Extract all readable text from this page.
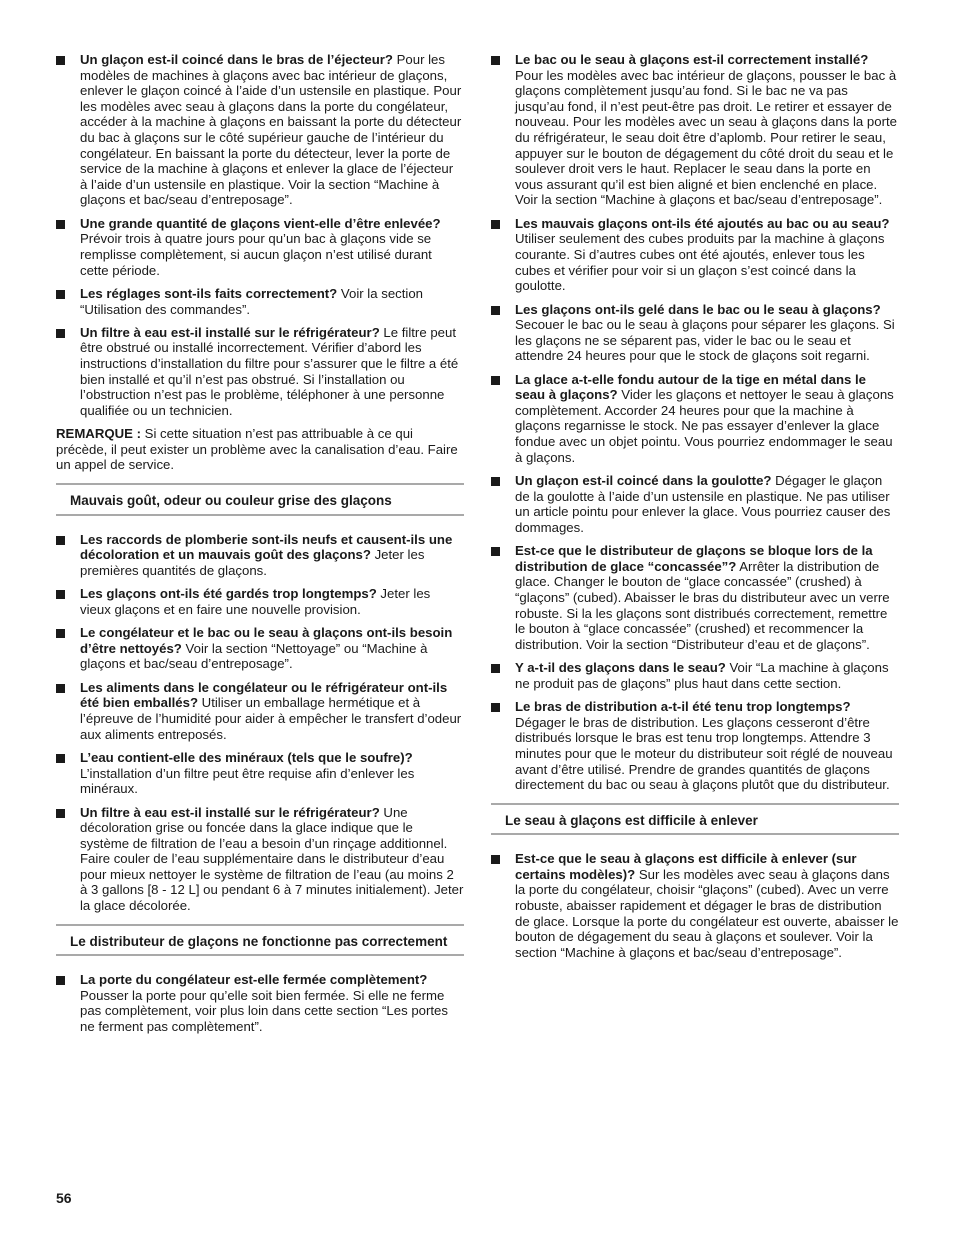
Un glaçon est-il coincé dans le bras de l’éjecteur? Pour les modèles de machines à glaçons avec bac intérieur de glaçons, enlever le glaçon coincé à l’aide d’un ustensile en plastique. Pour les modèles avec seau à glaçons dans la porte du congélateur, accéder à la machine à glaçons en baissant la porte du détecteur du bac à glaçons sur le côté supérieur gauche de l’intérieur du congélateur. En baissant la porte du détecteur, lever la porte de service de la machine à glaçons et enlever la glace de l’éjecteur à l’aide d’un ustensile en plastique. Voir la section “Machine à glaçons et bac/seau d’entreposage”.
Une grande quantité de glaçons vient-elle d’être enlevée? Prévoir trois à quatre jours pour qu’un bac à glaçons vide se remplisse complètement, si aucun glaçon n’est utilisé durant cette période.
Les réglages sont-ils faits correctement? Voir la section “Utilisation des commandes”.
Un filtre à eau est-il installé sur le réfrigérateur? Le filtre peut être obstrué ou installé incorrectement. Vérifier d’abord les instructions d’installation du filtre pour s’assurer que le filtre a été bien installé et qu’il n’est pas obstrué. Si l’installation ou l’obstruction n’est pas le problème, téléphoner à une personne qualifiée ou un technicien.

REMARQUE : Si cette situation n’est pas attribuable à ce qui précède, il peut exister un problème avec la canalisation d’eau. Faire un appel de service.

Mauvais goût, odeur ou couleur grise des glaçons
Les raccords de plomberie sont-ils neufs et causent-ils une décoloration et un mauvais goût des glaçons? Jeter les premières quantités de glaçons.
Les glaçons ont-ils été gardés trop longtemps? Jeter les vieux glaçons et en faire une nouvelle provision.
Le congélateur et le bac ou le seau à glaçons ont-ils besoin d’être nettoyés? Voir la section “Nettoyage” ou “Machine à glaçons et bac/seau d’entreposage”.
Les aliments dans le congélateur ou le réfrigérateur ont-ils été bien emballés? Utiliser un emballage hermétique et à l’épreuve de l’humidité pour aider à empêcher le transfert d’odeur aux aliments entreposés.
L’eau contient-elle des minéraux (tels que le soufre)? L’installation d’un filtre peut être requise afin d’enlever les minéraux.
Un filtre à eau est-il installé sur le réfrigérateur? Une décoloration grise ou foncée dans la glace indique que le système de filtration de l’eau a besoin d’un rinçage additionnel. Faire couler de l’eau supplémentaire dans le distributeur d’eau pour mieux nettoyer le système de filtration de l’eau (au moins 2 à 3 gallons [8 - 12 L] ou pendant 6 à 7 minutes initialement). Jeter la glace décolorée.
Le distributeur de glaçons ne fonctionne pas correctement
La porte du congélateur est-elle fermée complètement? Pousser la porte pour qu’elle soit bien fermée. Si elle ne ferme pas complètement, voir plus loin dans cette section “Les portes ne ferment pas complètement”.
Le bac ou le seau à glaçons est-il correctement installé? Pour les modèles avec bac intérieur de glaçons, pousser le bac à glaçons complètement jusqu’au fond. Si le bac ne va pas jusqu’au fond, il n’est peut-être pas droit. Le retirer et essayer de nouveau. Pour les modèles avec un seau à glaçons dans la porte du réfrigérateur, le seau doit être d’aplomb. Pour retirer le seau, appuyer sur le bouton de dégagement du côté droit du seau et le soulever droit vers le haut. Replacer le seau dans la porte en vous assurant qu’il est bien aligné et bien enclenché en place. Voir la section “Machine à glaçons et bac/seau d’entreposage”.
Les mauvais glaçons ont-ils été ajoutés au bac ou au seau? Utiliser seulement des cubes produits par la machine à glaçons courante. Si d’autres cubes ont été ajoutés, enlever tous les cubes et vérifier pour voir si un glaçon s’est coincé dans la goulotte.
Les glaçons ont-ils gelé dans le bac ou le seau à glaçons? Secouer le bac ou le seau à glaçons pour séparer les glaçons. Si les glaçons ne se séparent pas, vider le bac ou le seau et attendre 24 heures pour que le stock de glaçons soit regarni.
La glace a-t-elle fondu autour de la tige en métal dans le seau à glaçons? Vider les glaçons et nettoyer le seau à glaçons complètement. Accorder 24 heures pour que la machine à glaçons regarnisse le stock. Ne pas essayer d’enlever la glace fondue avec un objet pointu. Vous pourriez endommager le seau à glaçons.
Un glaçon est-il coincé dans la goulotte? Dégager le glaçon de la goulotte à l’aide d’un ustensile en plastique. Ne pas utiliser un article pointu pour enlever la glace. Vous pourriez causer des dommages.
Est-ce que le distributeur de glaçons se bloque lors de la distribution de glace “concassée”? Arrêter la distribution de glace. Changer le bouton de “glace concassée” (crushed) à “glaçons” (cubed). Abaisser le bras du distributeur avec un verre robuste. Si la les glaçons sont distribués correctement, remettre le bouton à “glace concassée” (crushed) et recommencer la distribution. Voir la section “Distributeur d’eau et de glaçons”.
Y a-t-il des glaçons dans le seau? Voir “La machine à glaçons ne produit pas de glaçons” plus haut dans cette section.
Le bras de distribution a-t-il été tenu trop longtemps? Dégager le bras de distribution. Les glaçons cesseront d’être distribués lorsque le bras est tenu trop longtemps. Attendre 3 minutes pour que le moteur du distributeur soit réglé de nouveau avant d’être utilisé. Prendre de grandes quantités de glaçons directement du bac ou seau à glaçons plutôt que du distributeur.
Le seau à glaçons est difficile à enlever
Est-ce que le seau à glaçons est difficile à enlever (sur certains modèles)? Sur les modèles avec seau à glaçons dans la porte du congélateur, choisir “glaçons” (cubed). Avec un verre robuste, abaisser rapidement et dégager le bras de distribution de glace. Lorsque la porte du congélateur est ouverte, abaisser le bouton de dégagement du seau à glaçons et soulever. Voir la section “Machine à glaçons et bac/seau d’entreposage”.
56
